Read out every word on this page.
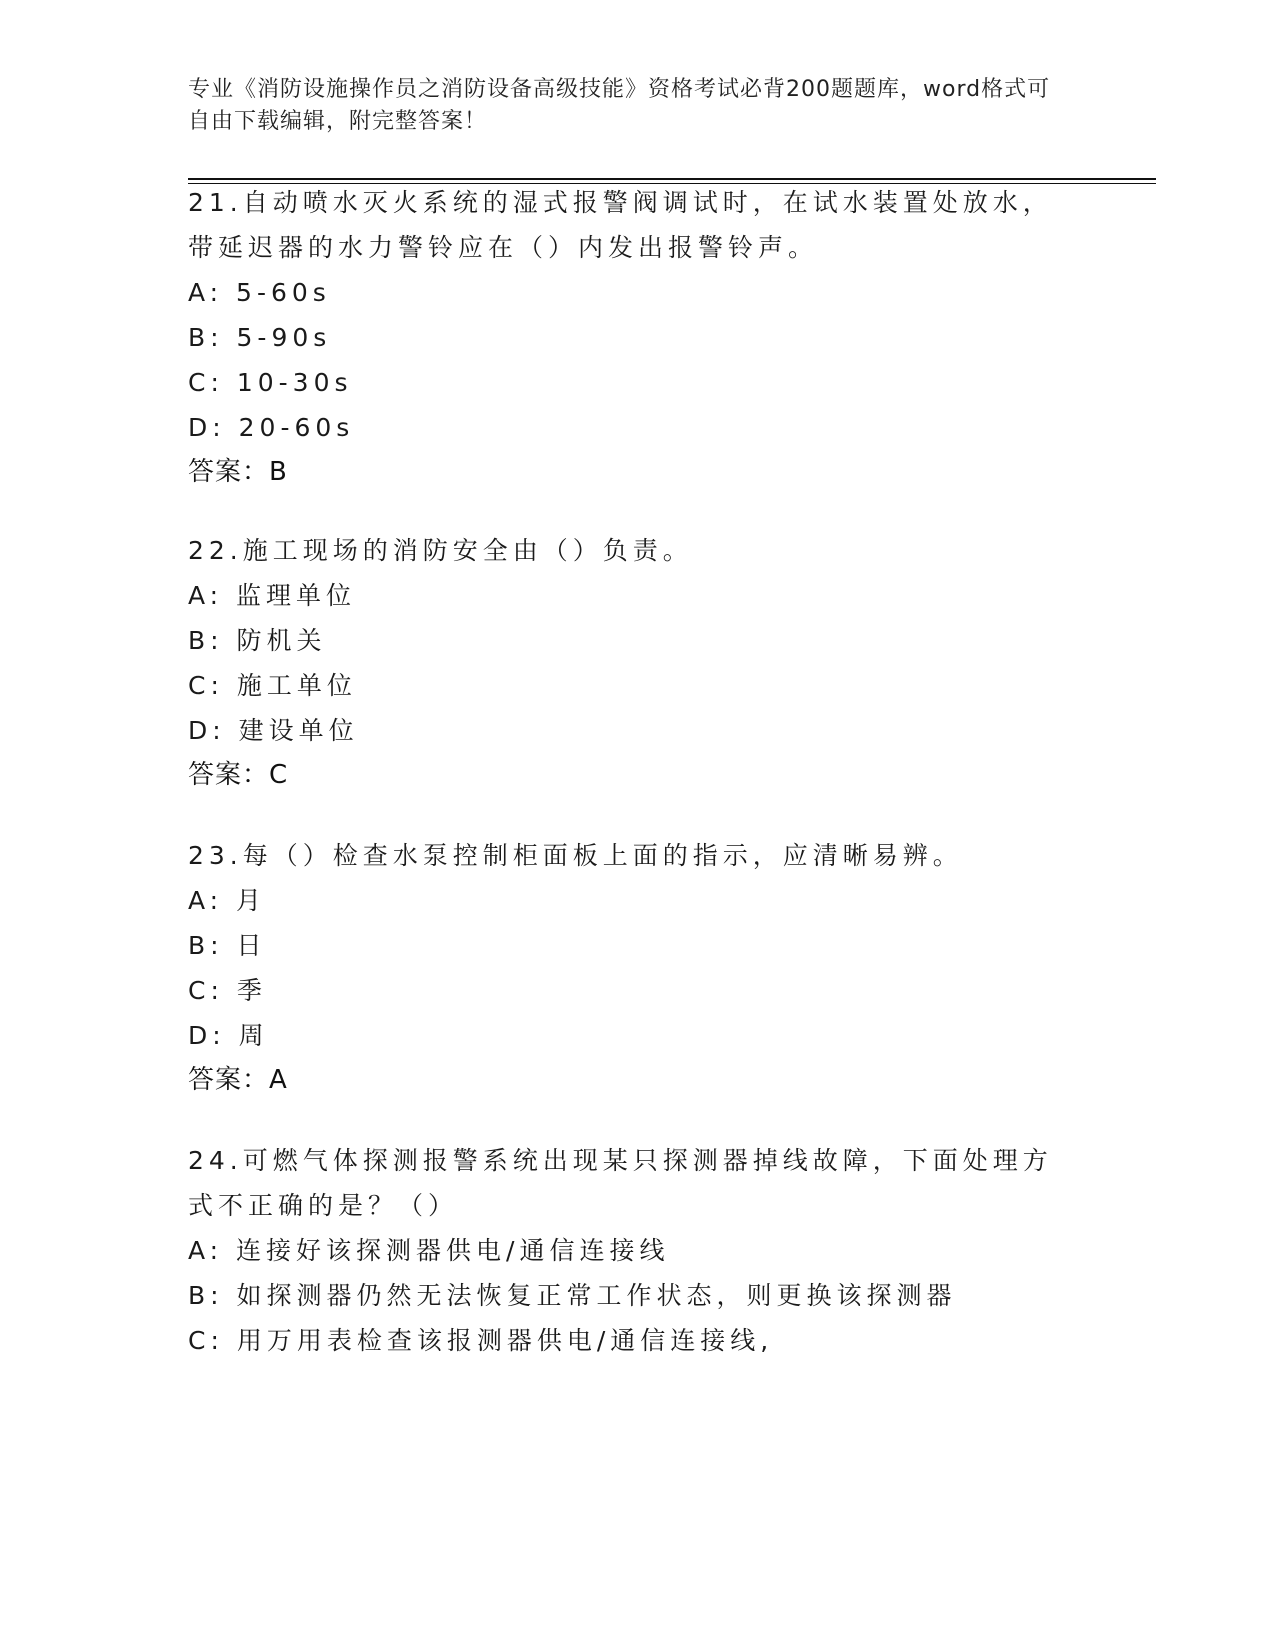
专业《消防设施操作员之消防设备高级技能》资格考试必背200题题库，word格式可自由下载编辑，附完整答案！

21.自动喷水灭火系统的湿式报警阀调试时，在试水装置处放水，带延迟器的水力警铃应在（）内发出报警铃声。

A: 5-60s

B: 5-90s

C: 10-30s

D: 20-60s

答案：B

22.施工现场的消防安全由（）负责。

A: 监理单位

B: 防机关

C: 施工单位

D: 建设单位

答案：C

23.每（）检查水泵控制柜面板上面的指示，应清晰易辨。

A: 月

B: 日

C: 季

D: 周

答案：A

24.可燃气体探测报警系统出现某只探测器掉线故障，下面处理方式不正确的是？（）

A: 连接好该探测器供电/通信连接线

B: 如探测器仍然无法恢复正常工作状态，则更换该探测器

C: 用万用表检查该报测器供电/通信连接线,
